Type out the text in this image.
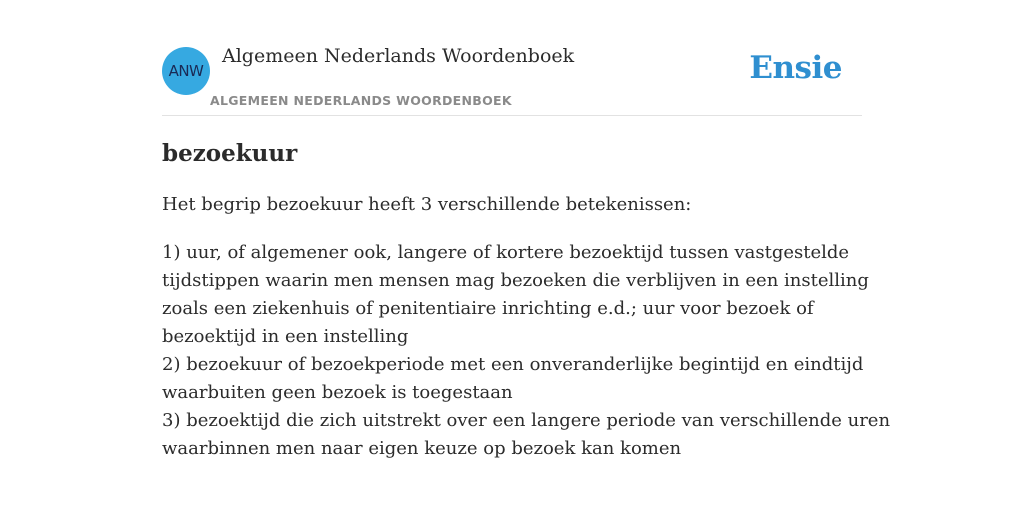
ANW
Algemeen Nederlands Woordenboek
ALGEMEEN NEDERLANDS WOORDENBOEK
Ensie
bezoekuur

Het begrip bezoekuur heeft 3 verschillende betekenissen:

1) uur, of algemener ook, langere of kortere bezoektijd tussen vastgestelde
tijdstippen waarin men mensen mag bezoeken die verblijven in een instelling
zoals een ziekenhuis of penitentiaire inrichting e.d.; uur voor bezoek of
bezoektijd in een instelling
2) bezoekuur of bezoekperiode met een onveranderlijke begintijd en eindtijd
waarbuiten geen bezoek is toegestaan
3) bezoektijd die zich uitstrekt over een langere periode van verschillende uren
waarbinnen men naar eigen keuze op bezoek kan komen
